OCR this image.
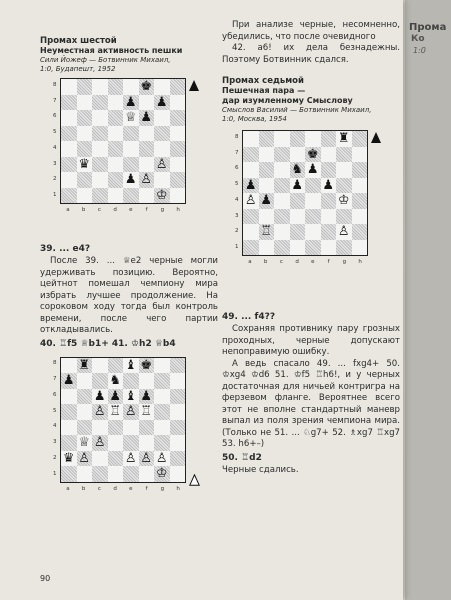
Прома
Ко
1:0
Промах шестой
Неуместная активность пешки
Сили Йожеф — Ботвинник Михаил,
1:0, Будапешт, 1952
♚
♟ ♟
♕ ♟
♛	♙
♟ ♙
♔
8
7
6
5
4
3
2
1
a	b	c	d	e	f	g	h
39. ... e4?
После 39. ... ♕e2 черные могли удерживать позицию. Вероятно, цейтнот помешал чемпиону мира избрать лучшее продолжение. На сороковом ходу тогда был контроль времени, после чего партии откладывались.
40. ♖f5 ♕b1+ 41. ♔h2 ♕b4
♜	♝ ♚
♟	♞
♟ ♟ ♝ ♟
♙ ♖ ♙ ♖
♕ ♙
♛ ♙	♙ ♙ ♙
♔
8
7
6
5
4
3
2
1
a	b	c	d	e	f	g	h
При анализе черные, несомненно, убедились, что после очевидного
42. a6! их дела безнадежны. Поэтому Ботвинник сдался.
Промах седьмой
Пешечная пара —
дар изумленному Смыслову
Смыслов Василий — Ботвинник Михаил,
1:0, Москва, 1954
♜
♚
♞ ♟
♟	♟ ♟
♙ ♟	♔
♖	♙
8
7
6
5
4
3
2
1
a	b	c	d	e	f	g	h
49. ... f4??
Сохраняя противнику пару грозных проходных, черные допускают непоправимую ошибку.
А ведь спасало 49. ... fxg4+ 50. ♔xg4 ♔d6 51. ♔f5 ♖h6!, и у черных достаточная для ничьей контригра на ферзевом фланге. Вероятнее всего этот не вполне стандартный маневр выпал из поля зрения чемпиона мира. (Только не 51. ... ♘g7+ 52. ♗xg7 ♖xg7 53. h6+–)
50. ♖d2
Черные сдались.
90
